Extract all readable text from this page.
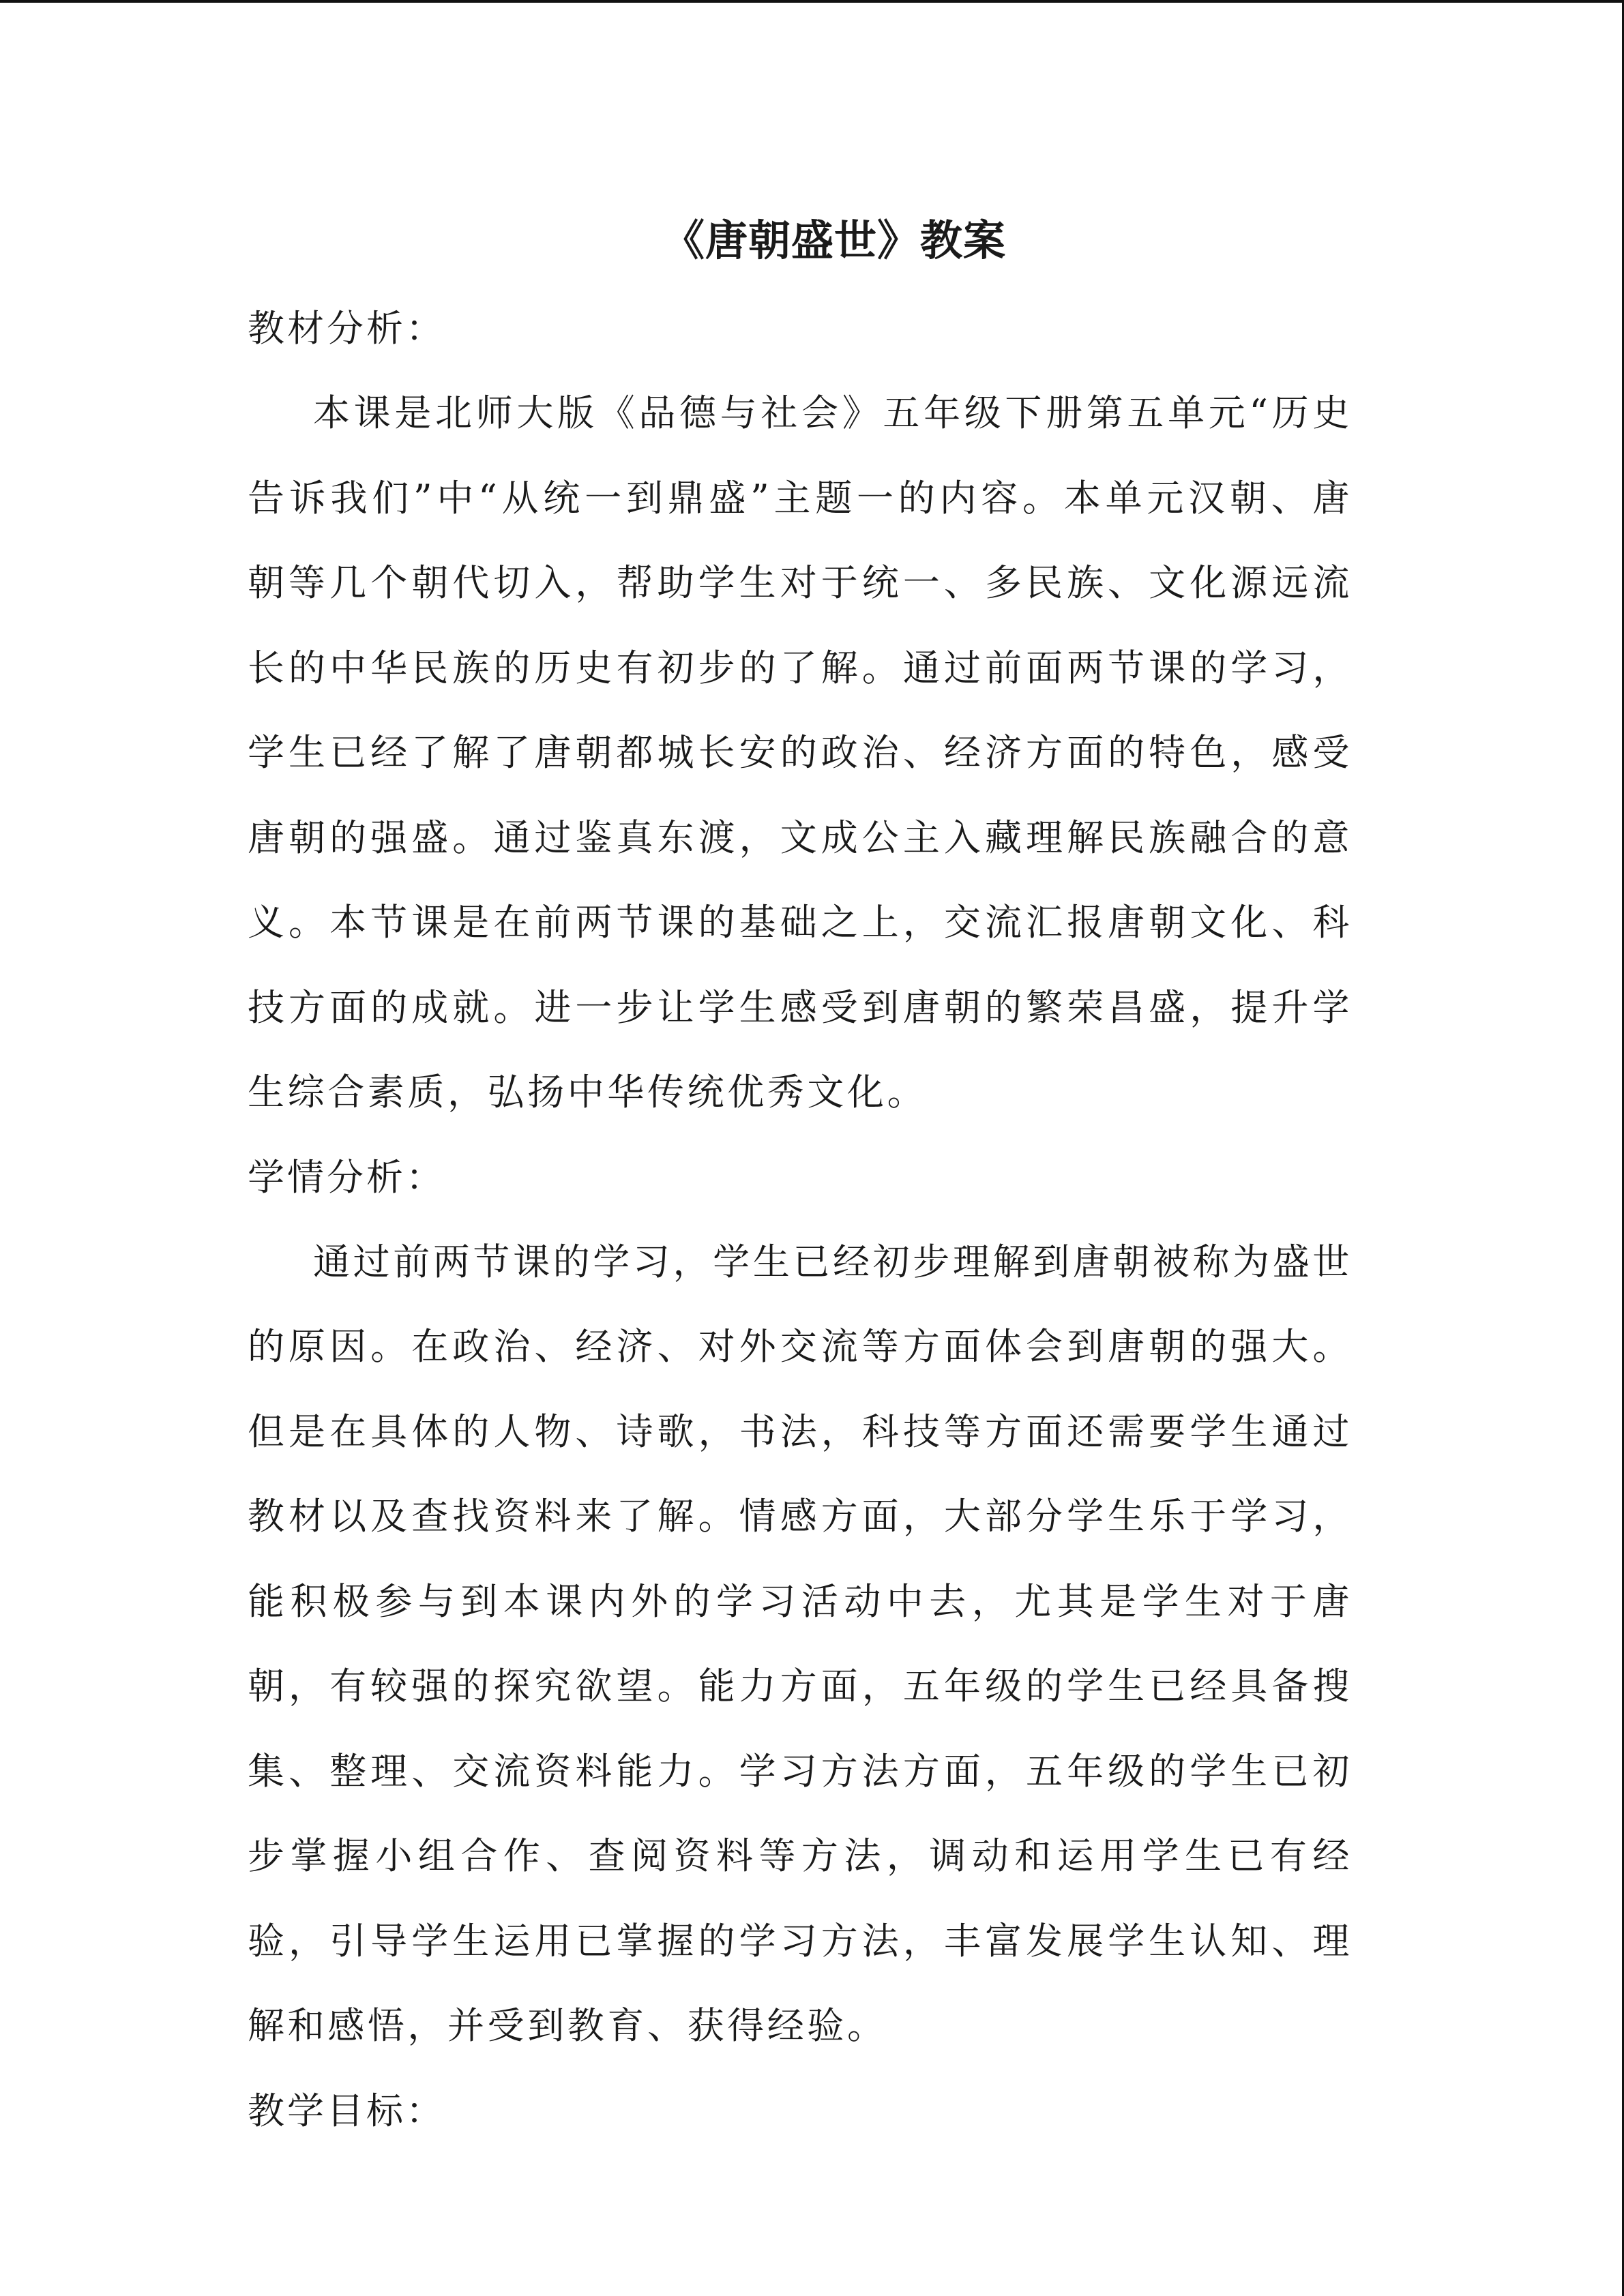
《唐朝盛世》教案

教材分析：

本课是北师大版《品德与社会》五年级下册第五单元“历史告诉我们”中“从统一到鼎盛”主题一的内容。本单元汉朝、唐朝等几个朝代切入，帮助学生对于统一、多民族、文化源远流长的中华民族的历史有初步的了解。通过前面两节课的学习，学生已经了解了唐朝都城长安的政治、经济方面的特色，感受唐朝的强盛。通过鉴真东渡，文成公主入藏理解民族融合的意义。本节课是在前两节课的基础之上，交流汇报唐朝文化、科技方面的成就。进一步让学生感受到唐朝的繁荣昌盛，提升学生综合素质，弘扬中华传统优秀文化。

学情分析：

通过前两节课的学习，学生已经初步理解到唐朝被称为盛世的原因。在政治、经济、对外交流等方面体会到唐朝的强大。但是在具体的人物、诗歌，书法，科技等方面还需要学生通过教材以及查找资料来了解。情感方面，大部分学生乐于学习，能积极参与到本课内外的学习活动中去，尤其是学生对于唐朝，有较强的探究欲望。能力方面，五年级的学生已经具备搜集、整理、交流资料能力。学习方法方面，五年级的学生已初步掌握小组合作、查阅资料等方法，调动和运用学生已有经验，引导学生运用已掌握的学习方法，丰富发展学生认知、理解和感悟，并受到教育、获得经验。

教学目标：
